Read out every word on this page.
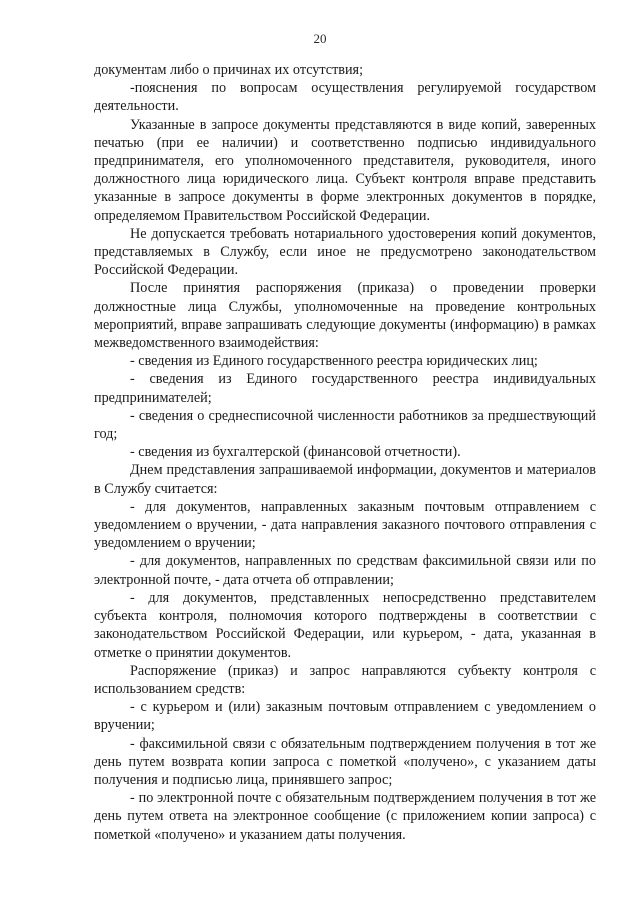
20

документам либо о причинах их отсутствия;

-пояснения по вопросам осуществления регулируемой государством деятельности.

Указанные в запросе документы представляются в виде копий, заверенных печатью (при ее наличии) и соответственно подписью индивидуального предпринимателя, его уполномоченного представителя, руководителя, иного должностного лица юридического лица. Субъект контроля вправе представить указанные в запросе документы в форме электронных документов в порядке, определяемом Правительством Российской Федерации.

Не допускается требовать нотариального удостоверения копий документов, представляемых в Службу, если иное не предусмотрено законодательством Российской Федерации.

После принятия распоряжения (приказа) о проведении проверки должностные лица Службы, уполномоченные на проведение контрольных мероприятий, вправе запрашивать следующие документы (информацию) в рамках межведомственного взаимодействия:

- сведения из Единого государственного реестра юридических лиц;

- сведения из Единого государственного реестра индивидуальных предпринимателей;

- сведения о среднесписочной численности работников за предшествующий год;

- сведения из бухгалтерской (финансовой отчетности).

Днем представления запрашиваемой информации, документов и материалов в Службу считается:

- для документов, направленных заказным почтовым отправлением с уведомлением о вручении, - дата направления заказного почтового отправления с уведомлением о вручении;

- для документов, направленных по средствам факсимильной связи или по электронной почте, - дата отчета об отправлении;

- для документов, представленных непосредственно представителем субъекта контроля, полномочия которого подтверждены в соответствии с законодательством Российской Федерации, или курьером, - дата, указанная в отметке о принятии документов.

Распоряжение (приказ) и запрос направляются субъекту контроля с использованием средств:

- с курьером и (или) заказным почтовым отправлением с уведомлением о вручении;

- факсимильной связи с обязательным подтверждением получения в тот же день путем возврата копии запроса с пометкой «получено», с указанием даты получения и подписью лица, принявшего запрос;

- по электронной почте с обязательным подтверждением получения в тот же день путем ответа на электронное сообщение (с приложением копии запроса) с пометкой «получено» и указанием даты получения.
